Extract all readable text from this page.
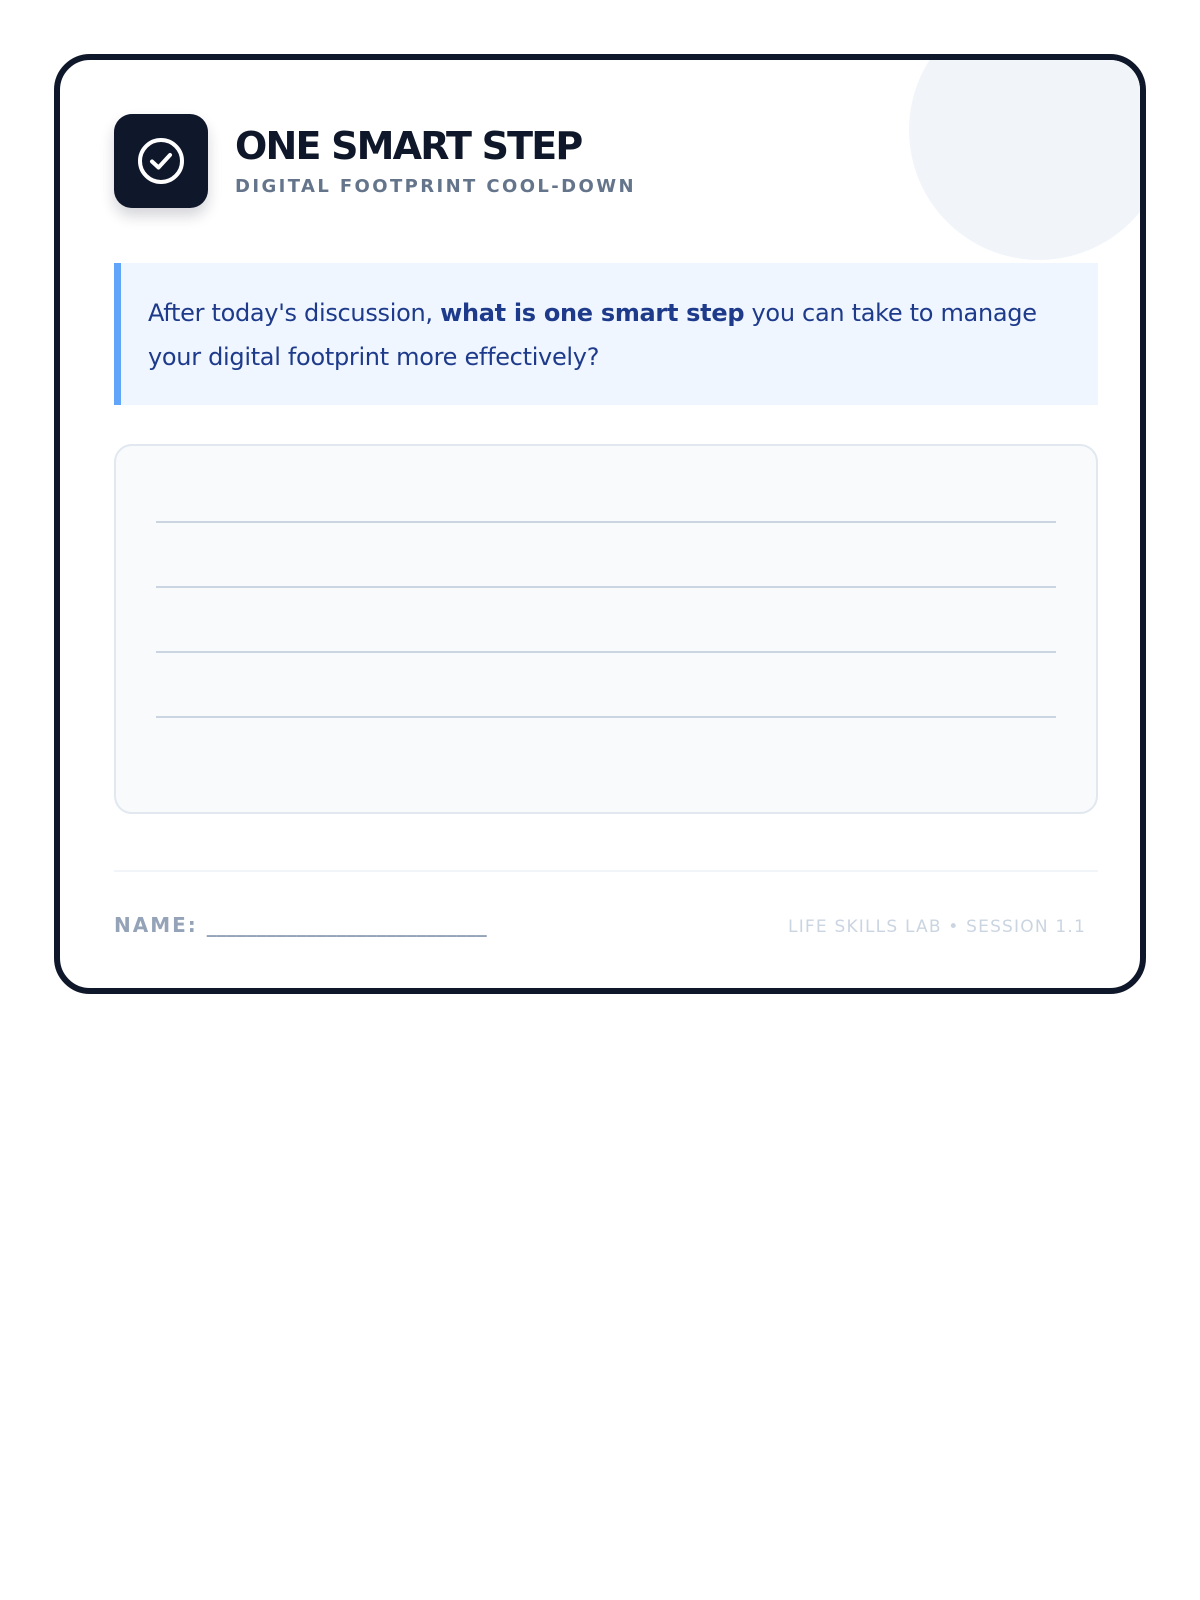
ONE SMART STEP
DIGITAL FOOTPRINT COOL-DOWN
After today's discussion, what is one smart step you can take to manage your digital footprint more effectively?
NAME: ____________________________	LIFE SKILLS LAB • SESSION 1.1
